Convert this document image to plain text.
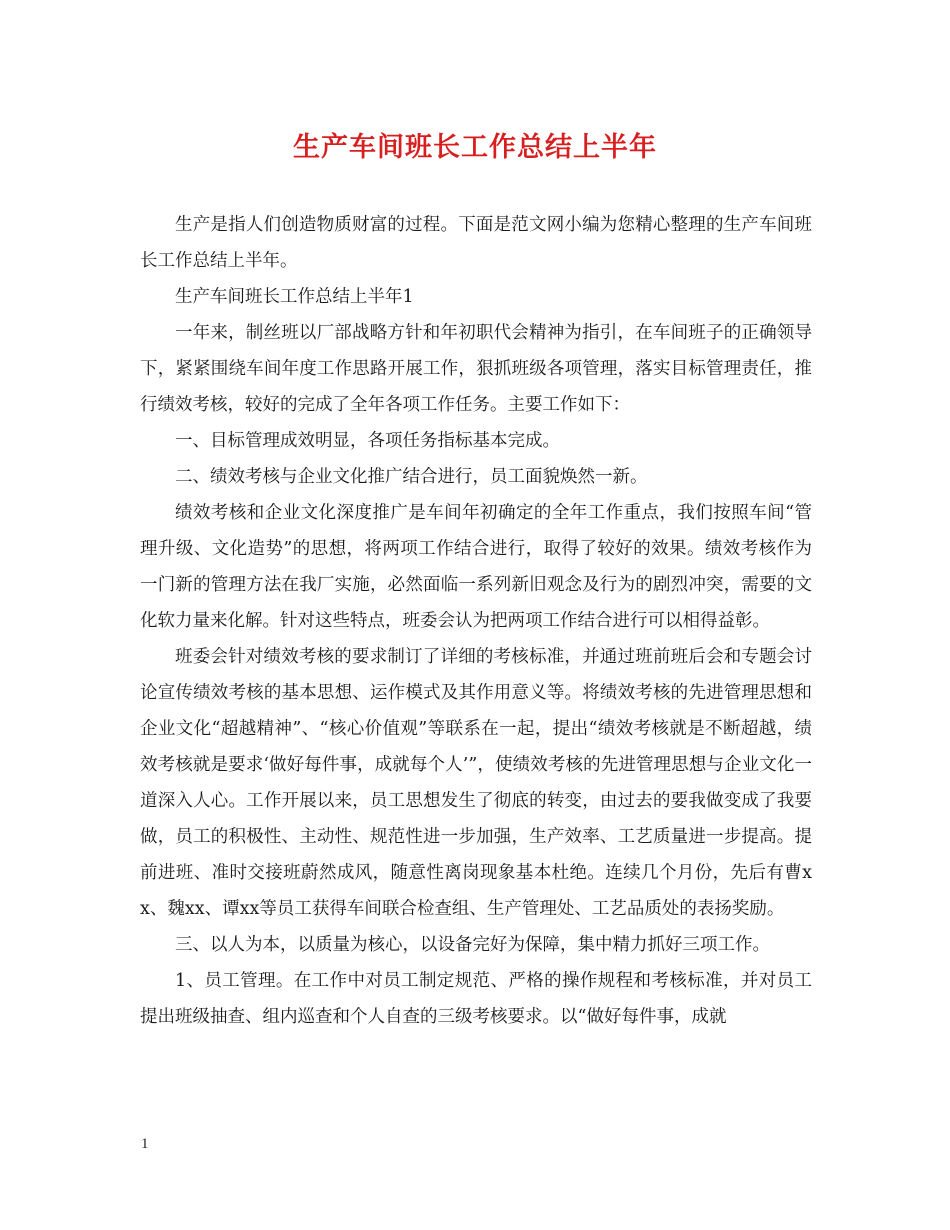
生产车间班长工作总结上半年

生产是指人们创造物质财富的过程。下面是范文网小编为您精心整理的生产车间班长工作总结上半年。

生产车间班长工作总结上半年1

一年来，制丝班以厂部战略方针和年初职代会精神为指引，在车间班子的正确领导下，紧紧围绕车间年度工作思路开展工作，狠抓班级各项管理，落实目标管理责任，推行绩效考核，较好的完成了全年各项工作任务。主要工作如下：

一、目标管理成效明显，各项任务指标基本完成。

二、绩效考核与企业文化推广结合进行，员工面貌焕然一新。

绩效考核和企业文化深度推广是车间年初确定的全年工作重点，我们按照车间“管理升级、文化造势”的思想，将两项工作结合进行，取得了较好的效果。绩效考核作为一门新的管理方法在我厂实施，必然面临一系列新旧观念及行为的剧烈冲突，需要的文化软力量来化解。针对这些特点，班委会认为把两项工作结合进行可以相得益彰。

班委会针对绩效考核的要求制订了详细的考核标准，并通过班前班后会和专题会讨论宣传绩效考核的基本思想、运作模式及其作用意义等。将绩效考核的先进管理思想和企业文化“超越精神”、“核心价值观”等联系在一起，提出“绩效考核就是不断超越，绩效考核就是要求‘做好每件事，成就每个人’”，使绩效考核的先进管理思想与企业文化一道深入人心。工作开展以来，员工思想发生了彻底的转变，由过去的要我做变成了我要做，员工的积极性、主动性、规范性进一步加强，生产效率、工艺质量进一步提高。提前进班、准时交接班蔚然成风，随意性离岗现象基本杜绝。连续几个月份，先后有曹xx、魏xx、谭xx等员工获得车间联合检查组、生产管理处、工艺品质处的表扬奖励。

三、以人为本，以质量为核心，以设备完好为保障，集中精力抓好三项工作。

1、员工管理。在工作中对员工制定规范、严格的操作规程和考核标准，并对员工提出班级抽查、组内巡查和个人自查的三级考核要求。以“做好每件事，成就

1
